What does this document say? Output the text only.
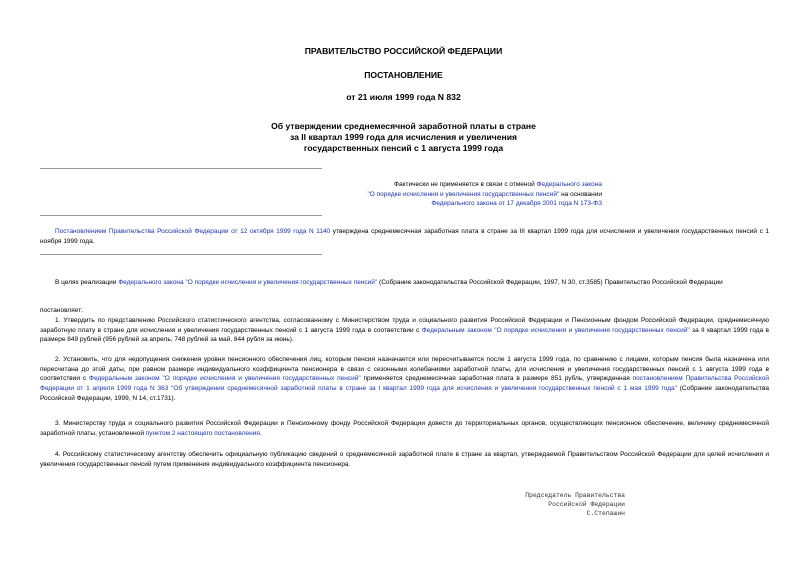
ПРАВИТЕЛЬСТВО РОССИЙСКОЙ ФЕДЕРАЦИИ
ПОСТАНОВЛЕНИЕ
от 21 июля 1999 года N 832
Об утверждении среднемесячной заработной платы в стране
за II квартал 1999 года для исчисления и увеличения
государственных пенсий с 1 августа 1999 года
Фактически не применяется в связи с отменой Федерального закона
"О порядке исчисления и увеличения государственных пенсий" на основании
Федерального закона от 17 декабря 2001 года N 173-ФЗ
Постановлением Правительства Российской Федерации от 12 октября 1999 года N 1140 утверждена среднемесячная заработная плата в стране за III квартал 1999 года для исчисления и увеличения государственных пенсий с 1 ноября 1999 года.
В целях реализации Федерального закона "О порядке исчисления и увеличения государственных пенсий" (Собрание законодательства Российской Федерации, 1997, N 30, ст.3585) Правительство Российской Федерации
постановляет:
1. Утвердить по представлению Российского статистического агентства, согласованному с Министерством труда и социального развития Российской Федерации и Пенсионным фондом Российской Федерации, среднемесячную заработную плату в стране для исчисления и увеличения государственных пенсий с 1 августа 1999 года в соответствии с Федеральным законом "О порядке исчисления и увеличения государственных пенсий" за II квартал 1999 года в размере 849 рублей (956 рублей за апрель, 748 рублей за май, 844 рубля за июнь).
2. Установить, что для недопущения снижения уровня пенсионного обеспечения лиц, которым пенсия назначается или пересчитывается после 1 августа 1999 года, по сравнению с лицами, которым пенсия была назначена или пересчитана до этой даты, при равном размере индивидуального коэффициента пенсионера в связи с сезонными колебаниями заработной платы, для исчисления и увеличения государственных пенсий с 1 августа 1999 года в соответствии с Федеральным законом "О порядке исчисления и увеличения государственных пенсий" применяется среднемесячная заработная плата в размере 851 рубль, утвержденная постановлением Правительства Российской Федерации от 1 апреля 1999 года N 363 "Об утверждении среднемесячной заработной платы в стране за I квартал 1999 года для исчисления и увеличения государственных пенсий с 1 мая 1999 года" (Собрание законодательства Российской Федерации, 1999, N 14, ст.1731).
3. Министерству труда и социального развития Российской Федерации и Пенсионному фонду Российской Федерации довести до территориальных органов, осуществляющих пенсионное обеспечение, величину среднемесячной заработной платы, установленной пунктом 2 настоящего постановления.
4. Российскому статистическому агентству обеспечить официальную публикацию сведений о среднемесячной заработной плате в стране за квартал, утверждаемой Правительством Российской Федерации для целей исчисления и увеличения государственных пенсий путем применения индивидуального коэффициента пенсионера.
Председатель Правительства
Российской Федерации
С.Степашин
